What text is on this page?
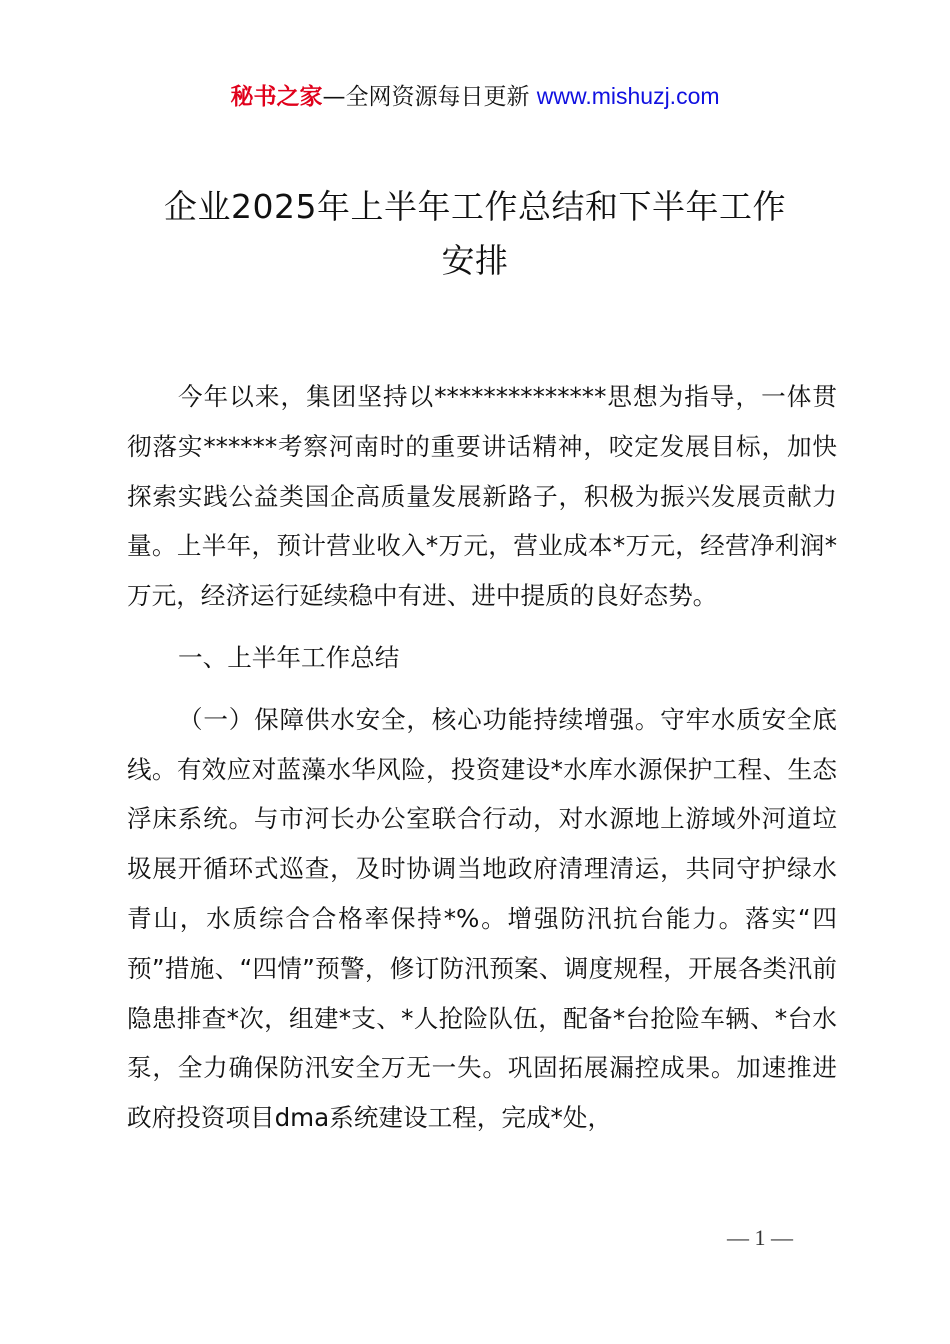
秘书之家—全网资源每日更新 www.mishuzj.com
企业2025年上半年工作总结和下半年工作
安排

今年以来，集团坚持以**************思想为指导，一体贯彻落实******考察河南时的重要讲话精神，咬定发展目标，加快探索实践公益类国企高质量发展新路子，积极为振兴发展贡献力量。上半年，预计营业收入*万元，营业成本*万元，经营净利润*万元，经济运行延续稳中有进、进中提质的良好态势。

一、上半年工作总结

（一）保障供水安全，核心功能持续增强。守牢水质安全底线。有效应对蓝藻水华风险，投资建设*水库水源保护工程、生态浮床系统。与市河长办公室联合行动，对水源地上游域外河道垃圾展开循环式巡查，及时协调当地政府清理清运，共同守护绿水青山，水质综合合格率保持*%。增强防汛抗台能力。落实“四预”措施、“四情”预警，修订防汛预案、调度规程，开展各类汛前隐患排查*次，组建*支、*人抢险队伍，配备*台抢险车辆、*台水泵，全力确保防汛安全万无一失。巩固拓展漏控成果。加速推进政府投资项目dma系统建设工程，完成*处，

— 1 —
